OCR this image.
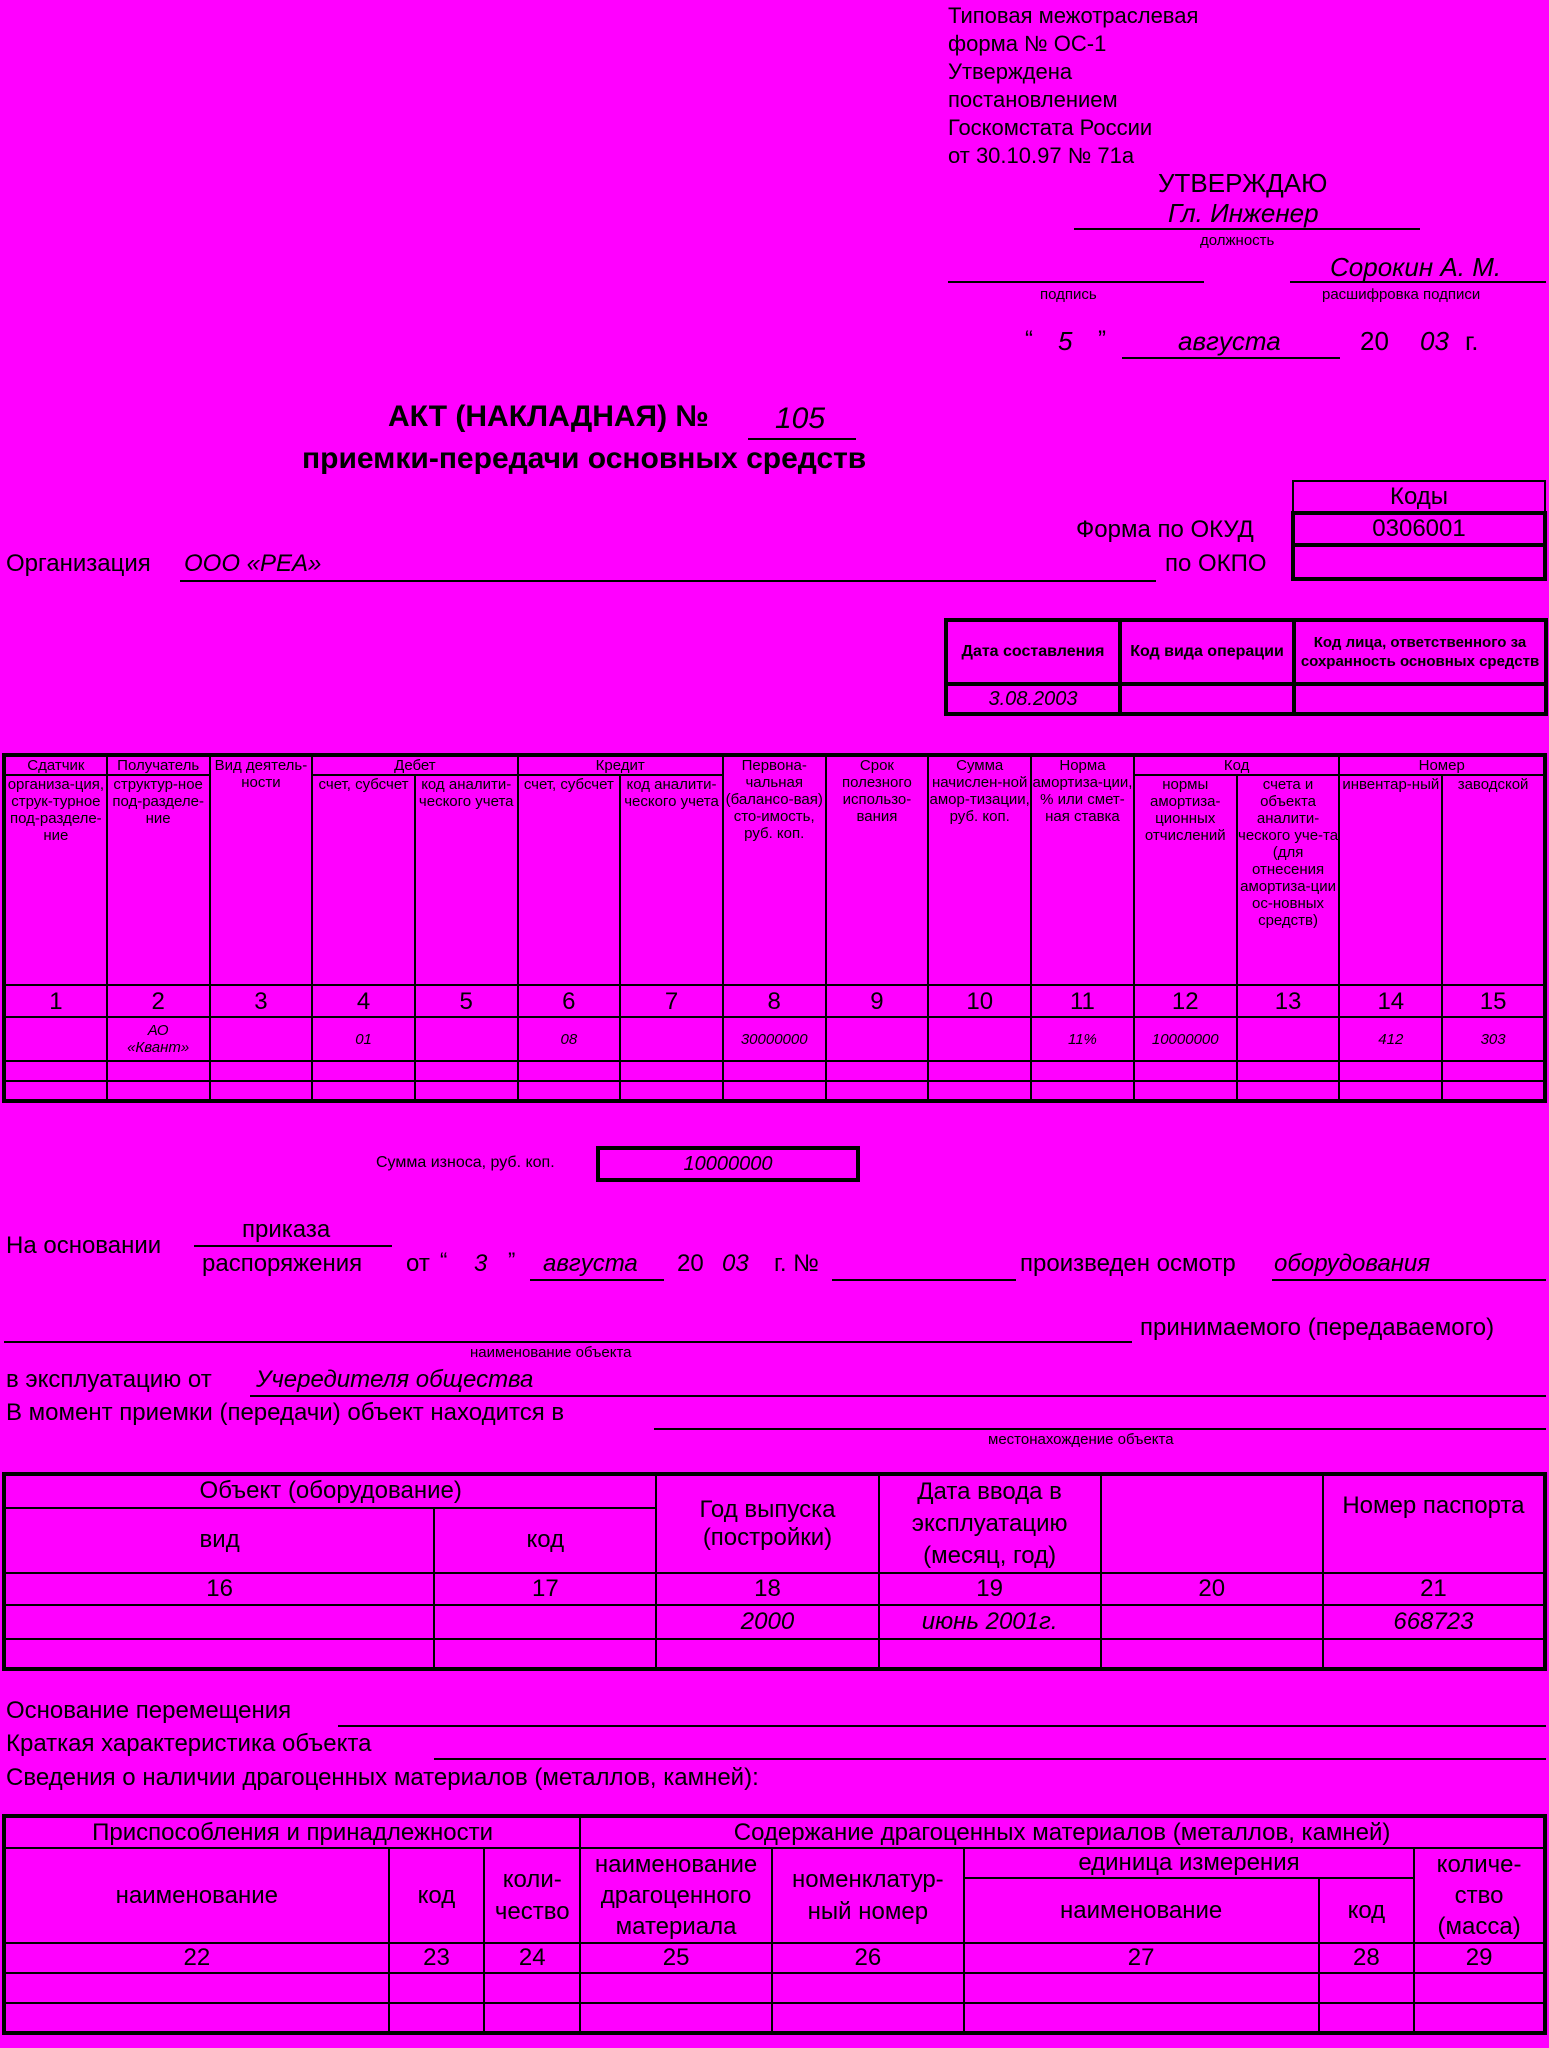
Типовая межотраслевая
форма № ОС-1
Утверждена
постановлением
Госкомстата России
от 30.10.97 № 71а
УТВЕРЖДАЮ
Гл. Инженер
должность
подпись
Сорокин А. М.
расшифровка подписи
“ 5 ”	августа	20 03 г.
АКТ (НАКЛАДНАЯ) № 105
приемки-передачи основных средств
Коды
0306001

Форма по ОКУД
Организация ООО «РЕА»	по ОКПО
Дата составления	Код вида операции	Код лица, ответственного за сохранность основных средств
3.08.2003		
Сдатчик	Получатель	Вид деятель-ности	Дебет		Кредит		Первона-чальная (балансо-вая) сто-имость, руб. коп.	Срок полезного использо-вания	Сумма начислен-ной амор-тизации, руб. коп.	Норма амортиза-ции, % или смет-ная ставка	Код		Номер	
организа-ция, струк-турное под-разделе-ние	структур-ное под-разделе-ние		счет, субсчет	код аналити-ческого учета	счет, субсчет	код аналити-ческого учета					нормы амортиза-ционных отчислений	счета и объекта аналити-ческого уче-та (для отнесения амортиза-ции ос-новных средств)	инвентар-ный	заводской
1	2	3	4	5	6	7	8	9	10	11	12	13	14	15
	АО «Квант»		01		08		30000000			11%	10000000		412	303

Сумма износа, руб. коп.	10000000
На основании
приказа
распоряжения от “ 3 ” августа 20 03 г. №	произведен осмотр оборудования
принимаемого (передаваемого)
наименование объекта
в эксплуатацию от Учередителя общества
В момент приемки (передачи) объект находится в
местонахождение объекта
Объект (оборудование)		Год выпуска (постройки)	Дата ввода в эксплуатацию (месяц, год)		Номер паспорта
вид	код				
16	17	18	19	20	21
		2000	июнь 2001г.		668723

Основание перемещения
Краткая характеристика объекта
Сведения о наличии драгоценных материалов (металлов, камней):
Приспособления и принадлежности			Содержание драгоценных материалов (металлов, камней)				
наименование	код	коли-чество	наименование драгоценного материала	номенклатур-ный номер	единица измерения		количе-ство (масса)
					наименование	код	
22	23	24	25	26	27	28	29
